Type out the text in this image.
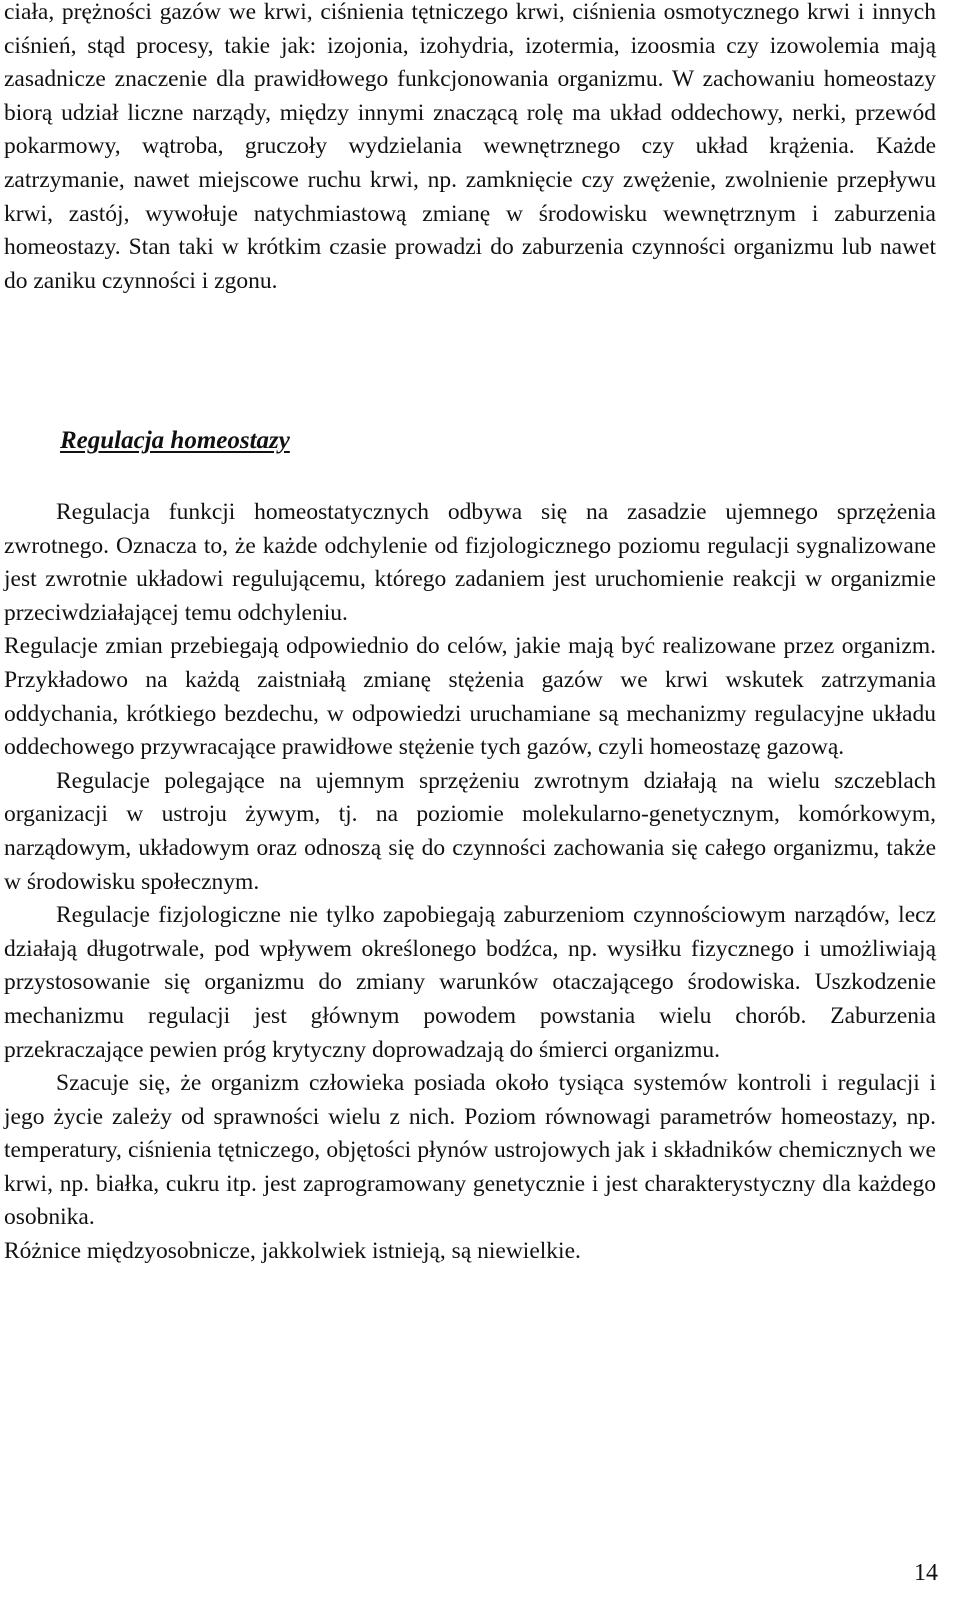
ciała, prężności gazów we krwi, ciśnienia tętniczego krwi, ciśnienia osmotycznego krwi i innych ciśnień, stąd procesy, takie jak: izojonia, izohydria, izotermia, izoosmia czy izowolemia mają zasadnicze znaczenie dla prawidłowego funkcjonowania organizmu. W zachowaniu homeostazy biorą udział liczne narządy, między innymi znaczącą rolę ma układ oddechowy, nerki, przewód pokarmowy, wątroba, gruczoły wydzielania wewnętrznego czy układ krążenia. Każde zatrzymanie, nawet miejscowe ruchu krwi, np. zamknięcie czy zwężenie, zwolnienie przepływu krwi, zastój, wywołuje natychmiastową zmianę w środowisku wewnętrznym i zaburzenia homeostazy. Stan taki w krótkim czasie prowadzi do zaburzenia czynności organizmu lub nawet do zaniku czynności i zgonu.

Regulacja homeostazy

Regulacja funkcji homeostatycznych odbywa się na zasadzie ujemnego sprzężenia zwrotnego. Oznacza to, że każde odchylenie od fizjologicznego poziomu regulacji sygnalizowane jest zwrotnie układowi regulującemu, którego zadaniem jest uruchomienie reakcji w organizmie przeciwdziałającej temu odchyleniu.

Regulacje zmian przebiegają odpowiednio do celów, jakie mają być realizowane przez organizm. Przykładowo na każdą zaistniałą zmianę stężenia gazów we krwi wskutek zatrzymania oddychania, krótkiego bezdechu, w odpowiedzi uruchamiane są mechanizmy regulacyjne układu oddechowego przywracające prawidłowe stężenie tych gazów, czyli homeostazę gazową.

Regulacje polegające na ujemnym sprzężeniu zwrotnym działają na wielu szczeblach organizacji w ustroju żywym, tj. na poziomie molekularno-genetycznym, komórkowym, narządowym, układowym oraz odnoszą się do czynności zachowania się całego organizmu, także w środowisku społecznym.

Regulacje fizjologiczne nie tylko zapobiegają zaburzeniom czynnościowym narządów, lecz działają długotrwale, pod wpływem określonego bodźca, np. wysiłku fizycznego i umożliwiają przystosowanie się organizmu do zmiany warunków otaczającego środowiska. Uszkodzenie mechanizmu regulacji jest głównym powodem powstania wielu chorób. Zaburzenia przekraczające pewien próg krytyczny doprowadzają do śmierci organizmu.

Szacuje się, że organizm człowieka posiada około tysiąca systemów kontroli i regulacji i jego życie zależy od sprawności wielu z nich. Poziom równowagi parametrów homeostazy, np. temperatury, ciśnienia tętniczego, objętości płynów ustrojowych jak i składników chemicznych we krwi, np. białka, cukru itp. jest zaprogramowany genetycznie i jest charakterystyczny dla każdego osobnika.

Różnice międzyosobnicze, jakkolwiek istnieją, są niewielkie.

14
